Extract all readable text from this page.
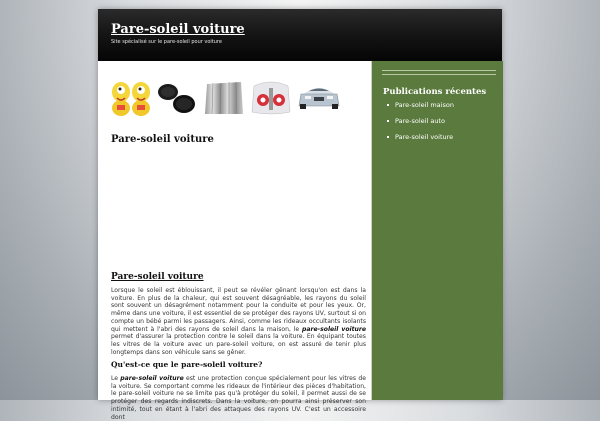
Pare-soleil voiture
Site spécialisé sur le pare-soleil pour voiture
Pare-soleil voiture
Pare-soleil voiture

Lorsque le soleil est éblouissant, il peut se révéler gênant lorsqu'on est dans la voiture. En plus de la chaleur, qui est souvent désagréable, les rayons du soleil sont souvent un désagrément notamment pour la conduite et pour les yeux. Or, même dans une voiture, il est essentiel de se protéger des rayons UV, surtout si on compte un bébé parmi les passagers. Ainsi, comme les rideaux occultants isolants qui mettent à l'abri des rayons de soleil dans la maison, le pare-soleil voiture permet d'assurer la protection contre le soleil dans la voiture. En équipant toutes les vitres de la voiture avec un pare-soleil voiture, on est assuré de tenir plus longtemps dans son véhicule sans se gêner.

Qu'est-ce que le pare-soleil voiture?

Le pare-soleil voiture est une protection conçue spécialement pour les vitres de la voiture. Se comportant comme les rideaux de l'intérieur des pièces d'habitation, le pare-soleil voiture ne se limite pas qu'à protéger du soleil, il permet aussi de se protéger des regards indiscrets. Dans la voiture, on pourra ainsi préserver son intimité, tout en étant à l'abri des attaques des rayons UV. C'est un accessoire dont

Publications récentes
Pare-soleil maison
Pare-soleil auto
Pare-soleil voiture
